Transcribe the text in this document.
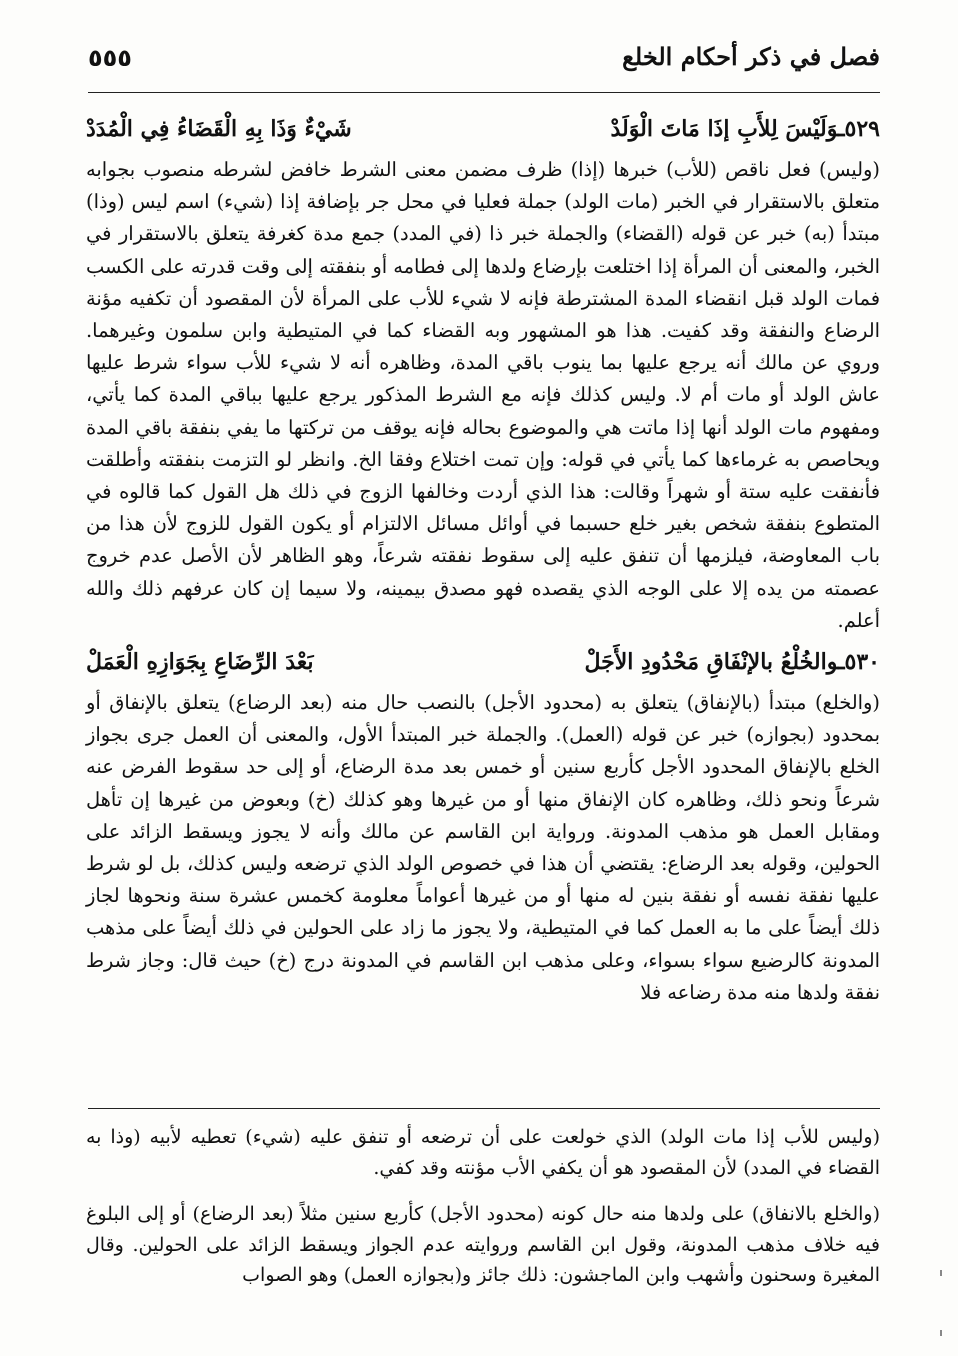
٥٥٥	فصل في ذكر أحكام الخلع
٥٢٩ـوَلَيْسَ لِلأَبِ إذَا مَاتَ الْوَلَدْ
شَيْءٌ وَذَا بِهِ الْقَضَاءُ فِي الْمُدَدْ

(وليس) فعل ناقص (للأب) خبرها (إذا) ظرف مضمن معنى الشرط خافض لشرطه منصوب بجوابه متعلق بالاستقرار في الخبر (مات الولد) جملة فعليا في محل جر بإضافة إذا (شيء) اسم ليس (وذا) مبتدأ (به) خبر عن قوله (القضاء) والجملة خبر ذا (في المدد) جمع مدة كغرفة يتعلق بالاستقرار في الخبر، والمعنى أن المرأة إذا اختلعت بإرضاع ولدها إلى فطامه أو بنفقته إلى وقت قدرته على الكسب فمات الولد قبل انقضاء المدة المشترطة فإنه لا شيء للأب على المرأة لأن المقصود أن تكفيه مؤنة الرضاع والنفقة وقد كفيت. هذا هو المشهور وبه القضاء كما في المتيطية وابن سلمون وغيرهما. وروي عن مالك أنه يرجع عليها بما ينوب باقي المدة، وظاهره أنه لا شيء للأب سواء شرط عليها عاش الولد أو مات أم لا. وليس كذلك فإنه مع الشرط المذكور يرجع عليها بباقي المدة كما يأتي، ومفهوم مات الولد أنها إذا ماتت هي والموضوع بحاله فإنه يوقف من تركتها ما يفي بنفقة باقي المدة ويحاصص به غرماءها كما يأتي في قوله: وإن تمت اختلاع وفقا الخ. وانظر لو التزمت بنفقته وأطلقت فأنفقت عليه ستة أو شهراً وقالت: هذا الذي أردت وخالفها الزوج في ذلك هل القول كما قالوه في المتطوع بنفقة شخص بغير خلع حسبما في أوائل مسائل الالتزام أو يكون القول للزوج لأن هذا من باب المعاوضة، فيلزمها أن تنفق عليه إلى سقوط نفقته شرعاً، وهو الظاهر لأن الأصل عدم خروج عصمته من يده إلا على الوجه الذي يقصده فهو مصدق بيمينه، ولا سيما إن كان عرفهم ذلك والله أعلم.

٥٣٠ـوالخُلْعُ بالإنْفَاقِ مَحْدُودِ الأَجَلْ
بَعْدَ الرِّضَاعِ بِجَوَازِهِ الْعَمَلْ

(والخلع) مبتدأ (بالإنفاق) يتعلق به (محدود الأجل) بالنصب حال منه (بعد الرضاع) يتعلق بالإنفاق أو بمحدود (بجوازه) خبر عن قوله (العمل). والجملة خبر المبتدأ الأول، والمعنى أن العمل جرى بجواز الخلع بالإنفاق المحدود الأجل كأربع سنين أو خمس بعد مدة الرضاع، أو إلى حد سقوط الفرض عنه شرعاً ونحو ذلك، وظاهره كان الإنفاق منها أو من غيرها وهو كذلك (خ) وبعوض من غيرها إن تأهل ومقابل العمل هو مذهب المدونة. ورواية ابن القاسم عن مالك وأنه لا يجوز ويسقط الزائد على الحولين، وقوله بعد الرضاع: يقتضي أن هذا في خصوص الولد الذي ترضعه وليس كذلك، بل لو شرط عليها نفقة نفسه أو نفقة بنين له منها أو من غيرها أعواماً معلومة كخمس عشرة سنة ونحوها لجاز ذلك أيضاً على ما به العمل كما في المتيطية، ولا يجوز ما زاد على الحولين في ذلك أيضاً على مذهب المدونة كالرضيع سواء بسواء، وعلى مذهب ابن القاسم في المدونة درج (خ) حيث قال: وجاز شرط نفقة ولدها منه مدة رضاعه فلا

(وليس للأب إذا مات الولد) الذي خولعت على أن ترضعه أو تنفق عليه (شيء) تعطيه لأبيه (وذا به القضاء في المدد) لأن المقصود هو أن يكفي الأب مؤنته وقد كفي.

(والخلع بالانفاق) على ولدها منه حال كونه (محدود الأجل) كأربع سنين مثلاً (بعد الرضاع) أو إلى البلوغ فيه خلاف مذهب المدونة، وقول ابن القاسم وروايته عدم الجواز ويسقط الزائد على الحولين. وقال المغيرة وسحنون وأشهب وابن الماجشون: ذلك جائز و(بجوازه العمل) وهو الصواب
